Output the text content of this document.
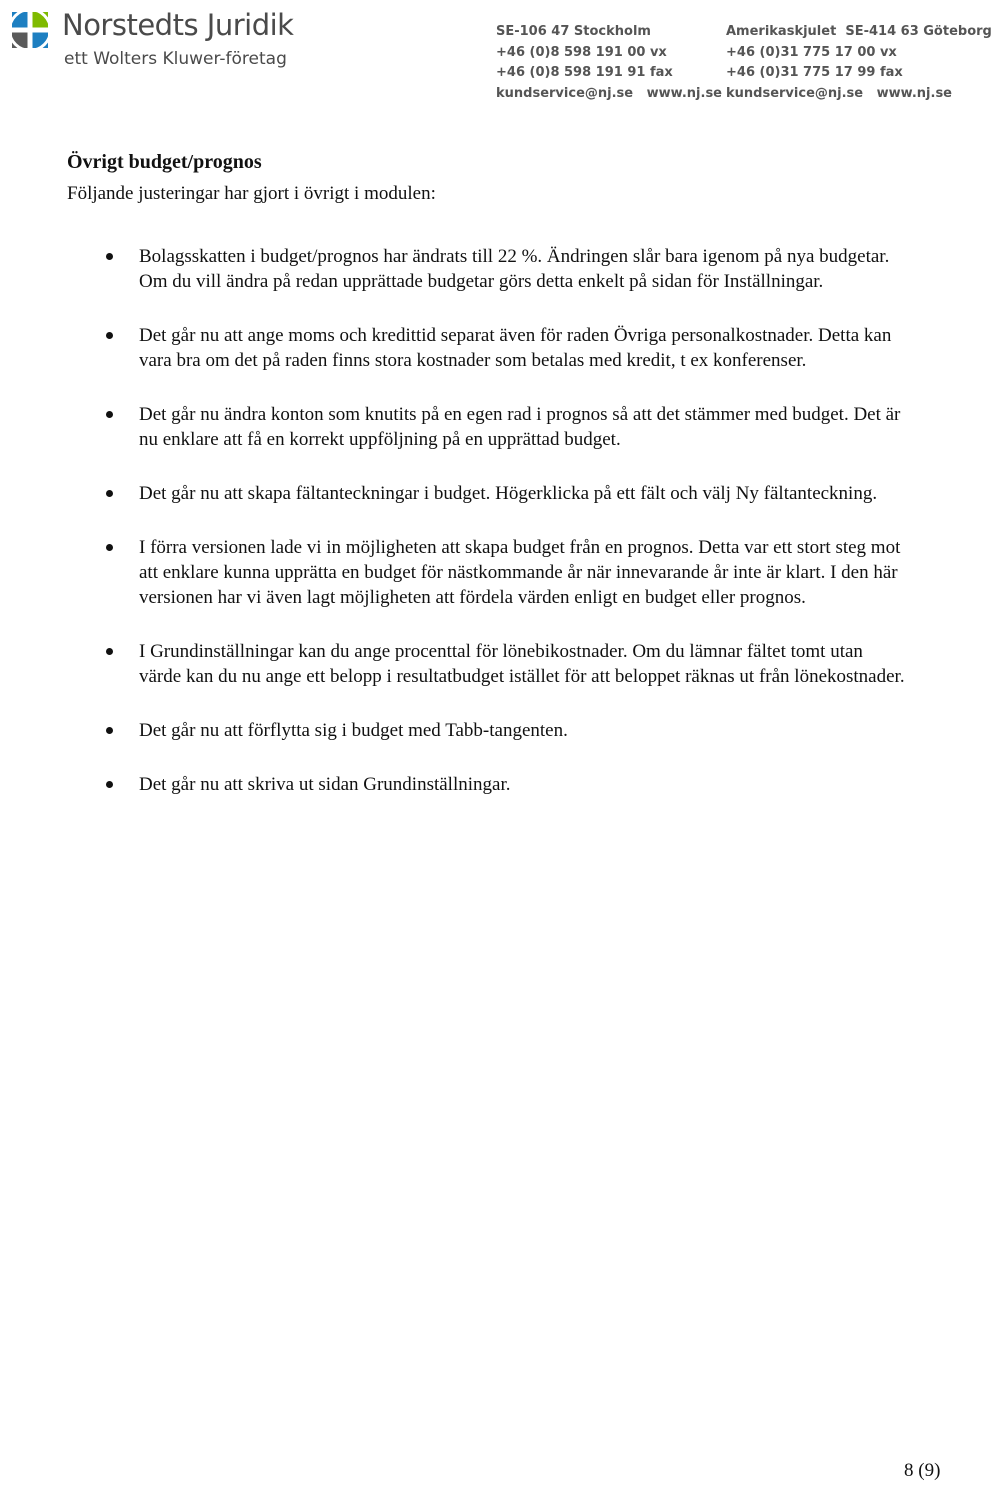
Norstedts Juridik
ett Wolters Kluwer-företag
SE-106 47 Stockholm
+46 (0)8 598 191 00 vx
+46 (0)8 598 191 91 fax
kundservice@nj.se   www.nj.se
Amerikaskjulet  SE-414 63 Göteborg
+46 (0)31 775 17 00 vx
+46 (0)31 775 17 99 fax
kundservice@nj.se   www.nj.se
Övrigt budget/prognos

Följande justeringar har gjort i övrigt i modulen:

Bolagsskatten i budget/prognos har ändrats till 22 %. Ändringen slår bara igenom på nya budgetar. Om du vill ändra på redan upprättade budgetar görs detta enkelt på sidan för Inställningar.
Det går nu att ange moms och kredittid separat även för raden Övriga personalkostnader. Detta kan vara bra om det på raden finns stora kostnader som betalas med kredit, t ex konferenser.
Det går nu ändra konton som knutits på en egen rad i prognos så att det stämmer med budget. Det är nu enklare att få en korrekt uppföljning på en upprättad budget.
Det går nu att skapa fältanteckningar i budget. Högerklicka på ett fält och välj Ny fältanteckning.
I förra versionen lade vi in möjligheten att skapa budget från en prognos. Detta var ett stort steg mot att enklare kunna upprätta en budget för nästkommande år när innevarande år inte är klart. I den här versionen har vi även lagt möjligheten att fördela värden enligt en budget eller prognos.
I Grundinställningar kan du ange procenttal för lönebikostnader. Om du lämnar fältet tomt utan värde kan du nu ange ett belopp i resultatbudget istället för att beloppet räknas ut från lönekostnader.
Det går nu att förflytta sig i budget med Tabb-tangenten.
Det går nu att skriva ut sidan Grundinställningar.
8 (9)
